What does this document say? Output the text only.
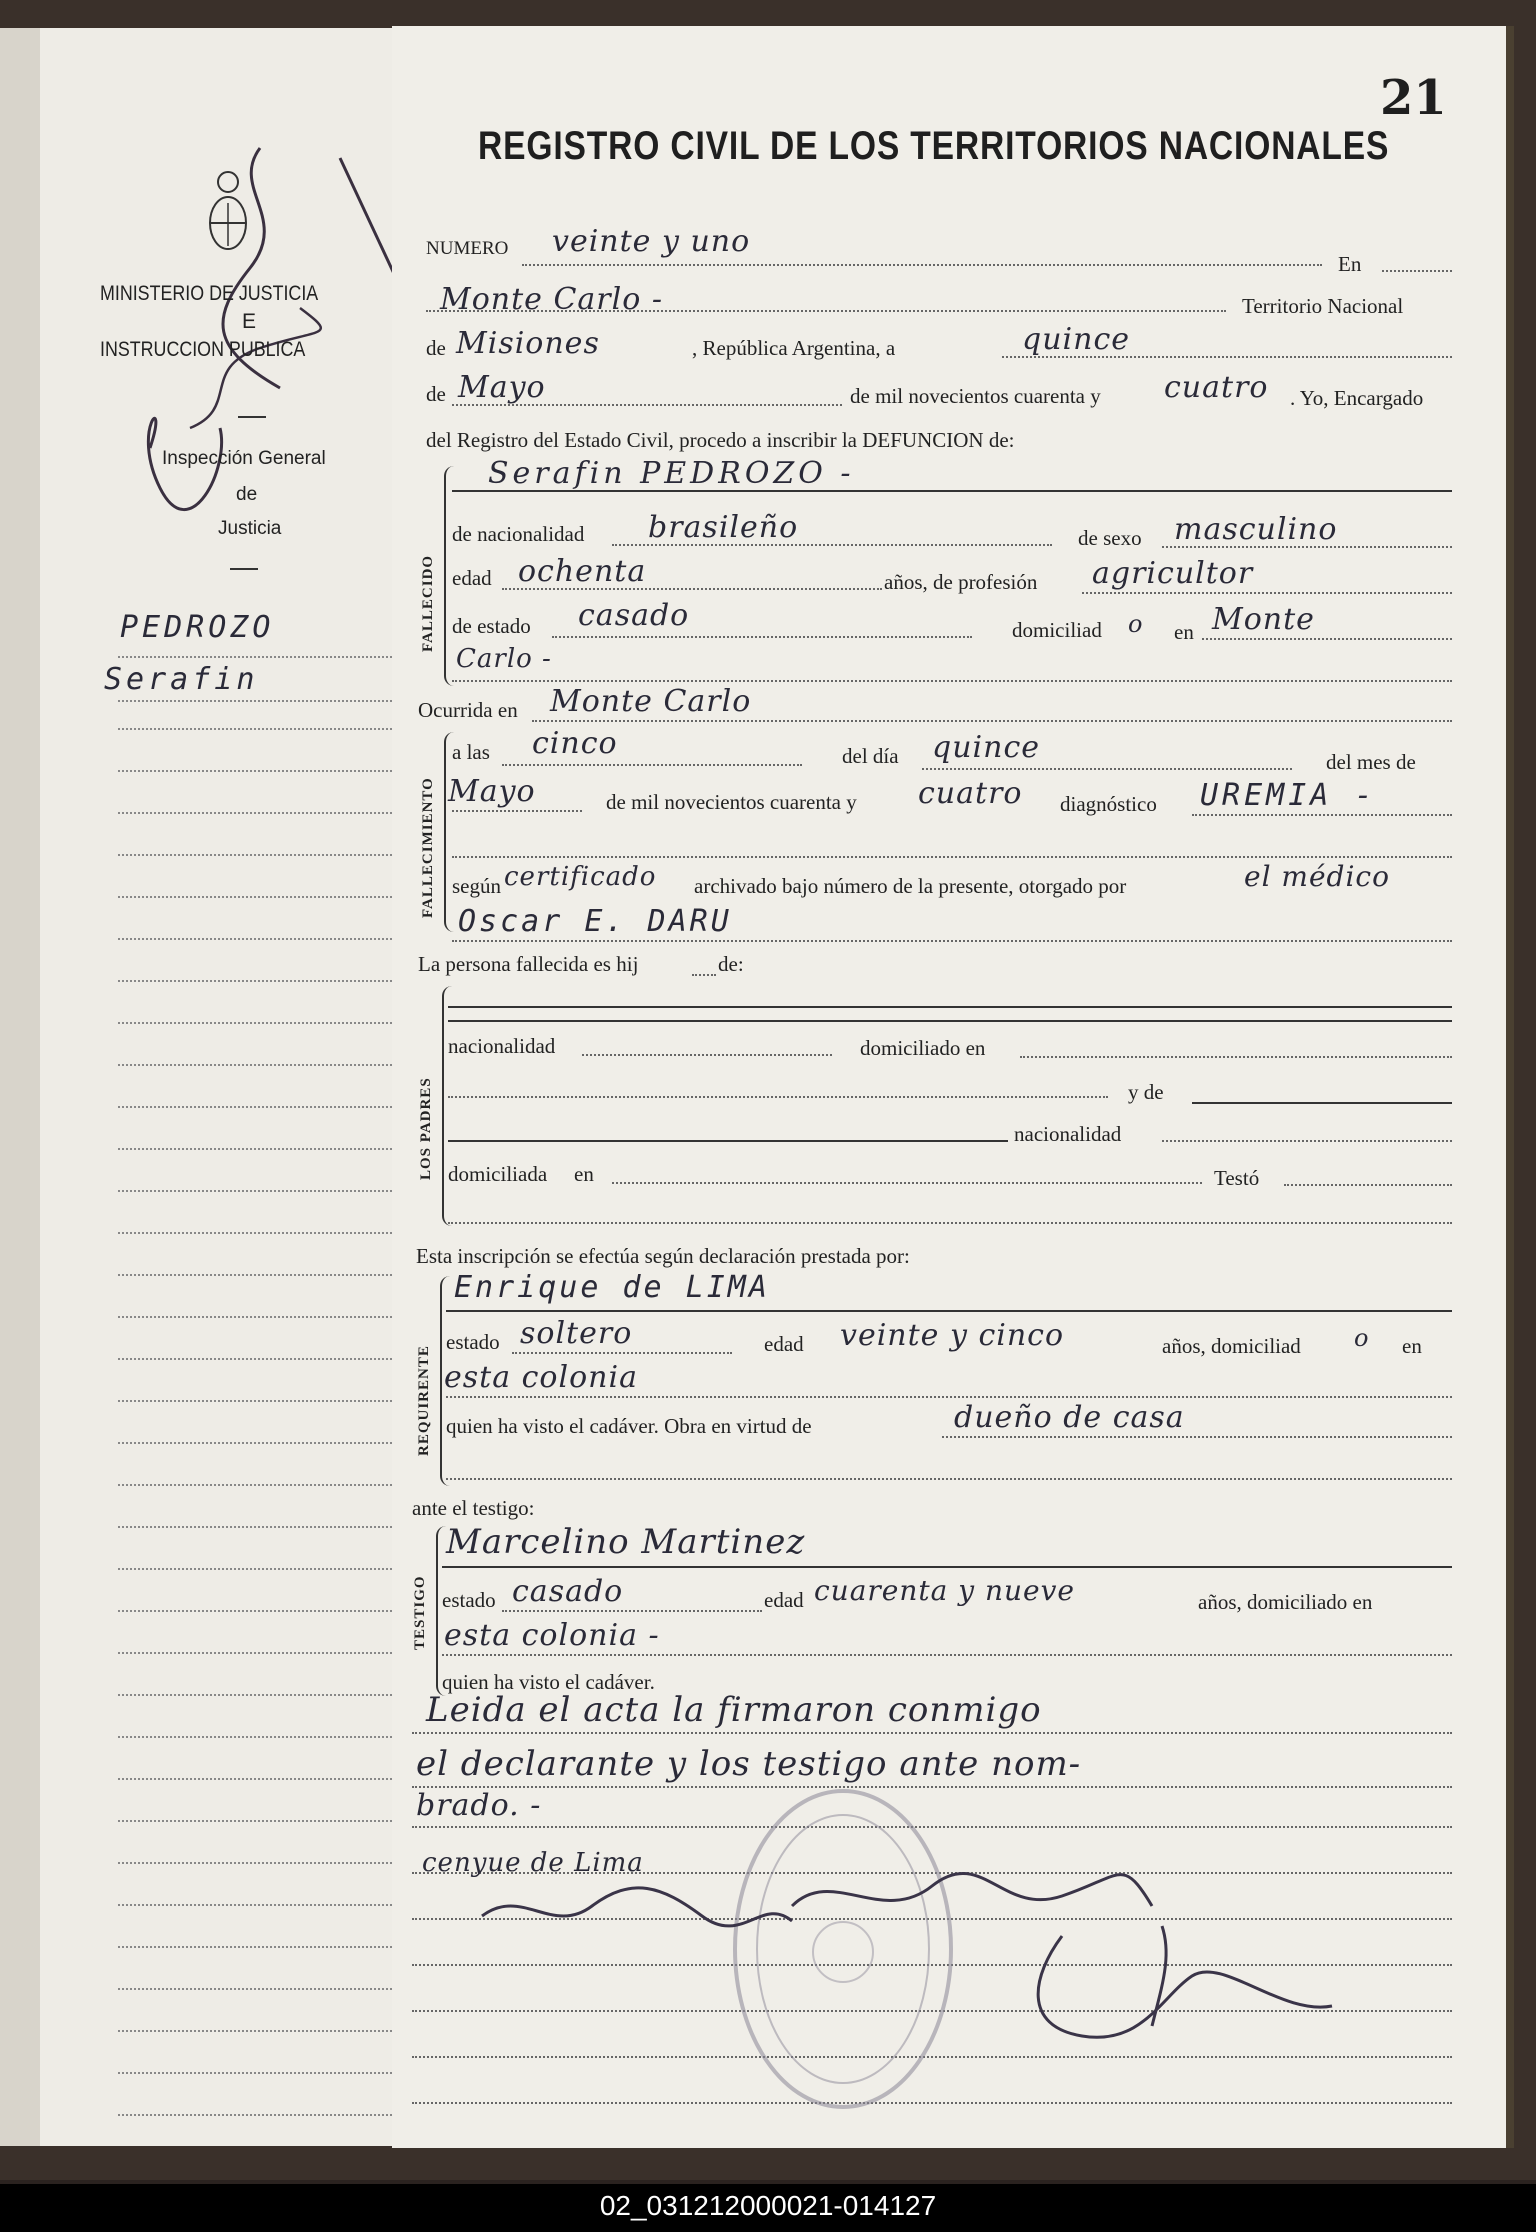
MINISTERIO DE JUSTICIA
E
INSTRUCCION PUBLICA
Inspección General
de
Justicia
PEDROZO
Serafin
21
REGISTRO CIVIL DE LOS TERRITORIOS NACIONALES
NUMERO veinte y uno
En
Monte Carlo -	Territorio Nacional
de Misiones	, República Argentina, a	quince
de Mayo	de mil novecientos cuarenta y cuatro . Yo, Encargado
del Registro del Estado Civil, procedo a inscribir la DEFUNCION de:
FALLECIDO
Serafin PEDROZO -
de nacionalidad brasileño	de sexo masculino
edad ochenta	años, de profesión agricultor
de estado casado	domiciliad o en Monte
Carlo -
Ocurrida en Monte Carlo
FALLECIMIENTO
a las cinco	del día quince	del mes de
Mayo	de mil novecientos cuarenta y cuatro diagnóstico UREMIA -
según certificado archivado bajo número de la presente, otorgado por	el médico
Oscar E. DARU
La persona fallecida es hij	de:
LOS PADRES
nacionalidad	domiciliado en
y de
nacionalidad
domiciliada en	Testó
Esta inscripción se efectúa según declaración prestada por:
REQUIRENTE
Enrique de LIMA
estado soltero	edad veinte y cinco	años, domiciliad o en
esta colonia
quien ha visto el cadáver. Obra en virtud de	dueño de casa
ante el testigo:
TESTIGO
Marcelino Martinez
estado casado	edad cuarenta y nueve	años, domiciliado en
esta colonia -
quien ha visto el cadáver.
Leida el acta la firmaron conmigo
el declarante y los testigo ante nom-
brado. -
cenyue de Lima
02_031212000021-014127
